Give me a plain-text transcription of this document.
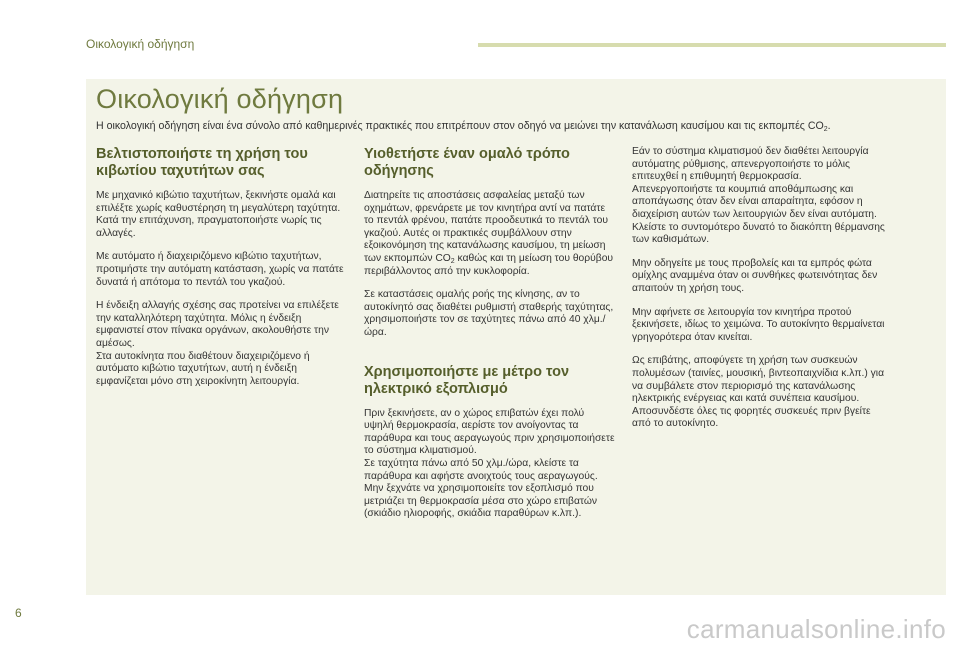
Οικολογική οδήγηση
Οικολογική οδήγηση

Η οικολογική οδήγηση είναι ένα σύνολο από καθημερινές πρακτικές που επιτρέπουν στον οδηγό να μειώνει την κατανάλωση καυσίμου και τις εκπομπές $CO_2$.

Βελτιστοποιήστε τη χρήση του κιβωτίου ταχυτήτων σας

Με μηχανικό κιβώτιο ταχυτήτων, ξεκινήστε ομαλά και επιλέξτε χωρίς καθυστέρηση τη μεγαλύτερη ταχύτητα. Κατά την επιτάχυνση, πραγματοποιήστε νωρίς τις αλλαγές.

Με αυτόματο ή διαχειριζόμενο κιβώτιο ταχυτήτων, προτιμήστε την αυτόματη κατάσταση, χωρίς να πατάτε δυνατά ή απότομα το πεντάλ του γκαζιού.

Η ένδειξη αλλαγής σχέσης σας προτείνει να επιλέξετε την καταλληλότερη ταχύτητα. Μόλις η ένδειξη εμφανιστεί στον πίνακα οργάνων, ακολουθήστε την αμέσως.
Στα αυτοκίνητα που διαθέτουν διαχειριζόμενο ή αυτόματο κιβώτιο ταχυτήτων, αυτή η ένδειξη εμφανίζεται μόνο στη χειροκίνητη λειτουργία.

Υιοθετήστε έναν ομαλό τρόπο οδήγησης

Διατηρείτε τις αποστάσεις ασφαλείας μεταξύ των οχημάτων, φρενάρετε με τον κινητήρα αντί να πατάτε το πεντάλ φρένου, πατάτε προοδευτικά το πεντάλ του γκαζιού. Αυτές οι πρακτικές συμβάλλουν στην εξοικονόμηση της κατανάλωσης καυσίμου, τη μείωση των εκπομπών $CO_2$ καθώς και τη μείωση του θορύβου περιβάλλοντος από την κυκλοφορία.

Σε καταστάσεις ομαλής ροής της κίνησης, αν το αυτοκίνητό σας διαθέτει ρυθμιστή σταθερής ταχύτητας, χρησιμοποιήστε τον σε ταχύτητες πάνω από 40 χλμ./ώρα.

Χρησιμοποιήστε με μέτρο τον ηλεκτρικό εξοπλισμό

Πριν ξεκινήσετε, αν ο χώρος επιβατών έχει πολύ υψηλή θερμοκρασία, αερίστε τον ανοίγοντας τα παράθυρα και τους αεραγωγούς πριν χρησιμοποιήσετε το σύστημα κλιματισμού.
Σε ταχύτητα πάνω από 50 χλμ./ώρα, κλείστε τα παράθυρα και αφήστε ανοιχτούς τους αεραγωγούς.
Μην ξεχνάτε να χρησιμοποιείτε τον εξοπλισμό που μετριάζει τη θερμοκρασία μέσα στο χώρο επιβατών (σκιάδιο ηλιοροφής, σκιάδια παραθύρων κ.λπ.).

Εάν το σύστημα κλιματισμού δεν διαθέτει λειτουργία αυτόματης ρύθμισης, απενεργοποιήστε το μόλις επιτευχθεί η επιθυμητή θερμοκρασία.
Απενεργοποιήστε τα κουμπιά αποθάμπωσης και αποπάγωσης όταν δεν είναι απαραίτητα, εφόσον η διαχείριση αυτών των λειτουργιών δεν είναι αυτόματη.
Κλείστε το συντομότερο δυνατό το διακόπτη θέρμανσης των καθισμάτων.

Μην οδηγείτε με τους προβολείς και τα εμπρός φώτα ομίχλης αναμμένα όταν οι συνθήκες φωτεινότητας δεν απαιτούν τη χρήση τους.

Μην αφήνετε σε λειτουργία τον κινητήρα προτού ξεκινήσετε, ιδίως το χειμώνα. Το αυτοκίνητο θερμαίνεται γρηγορότερα όταν κινείται.

Ως επιβάτης, αποφύγετε τη χρήση των συσκευών πολυμέσων (ταινίες, μουσική, βιντεοπαιχνίδια κ.λπ.) για να συμβάλετε στον περιορισμό της κατανάλωσης ηλεκτρικής ενέργειας και κατά συνέπεια καυσίμου.
Αποσυνδέστε όλες τις φορητές συσκευές πριν βγείτε από το αυτοκίνητο.

6
carmanualsonline.info
